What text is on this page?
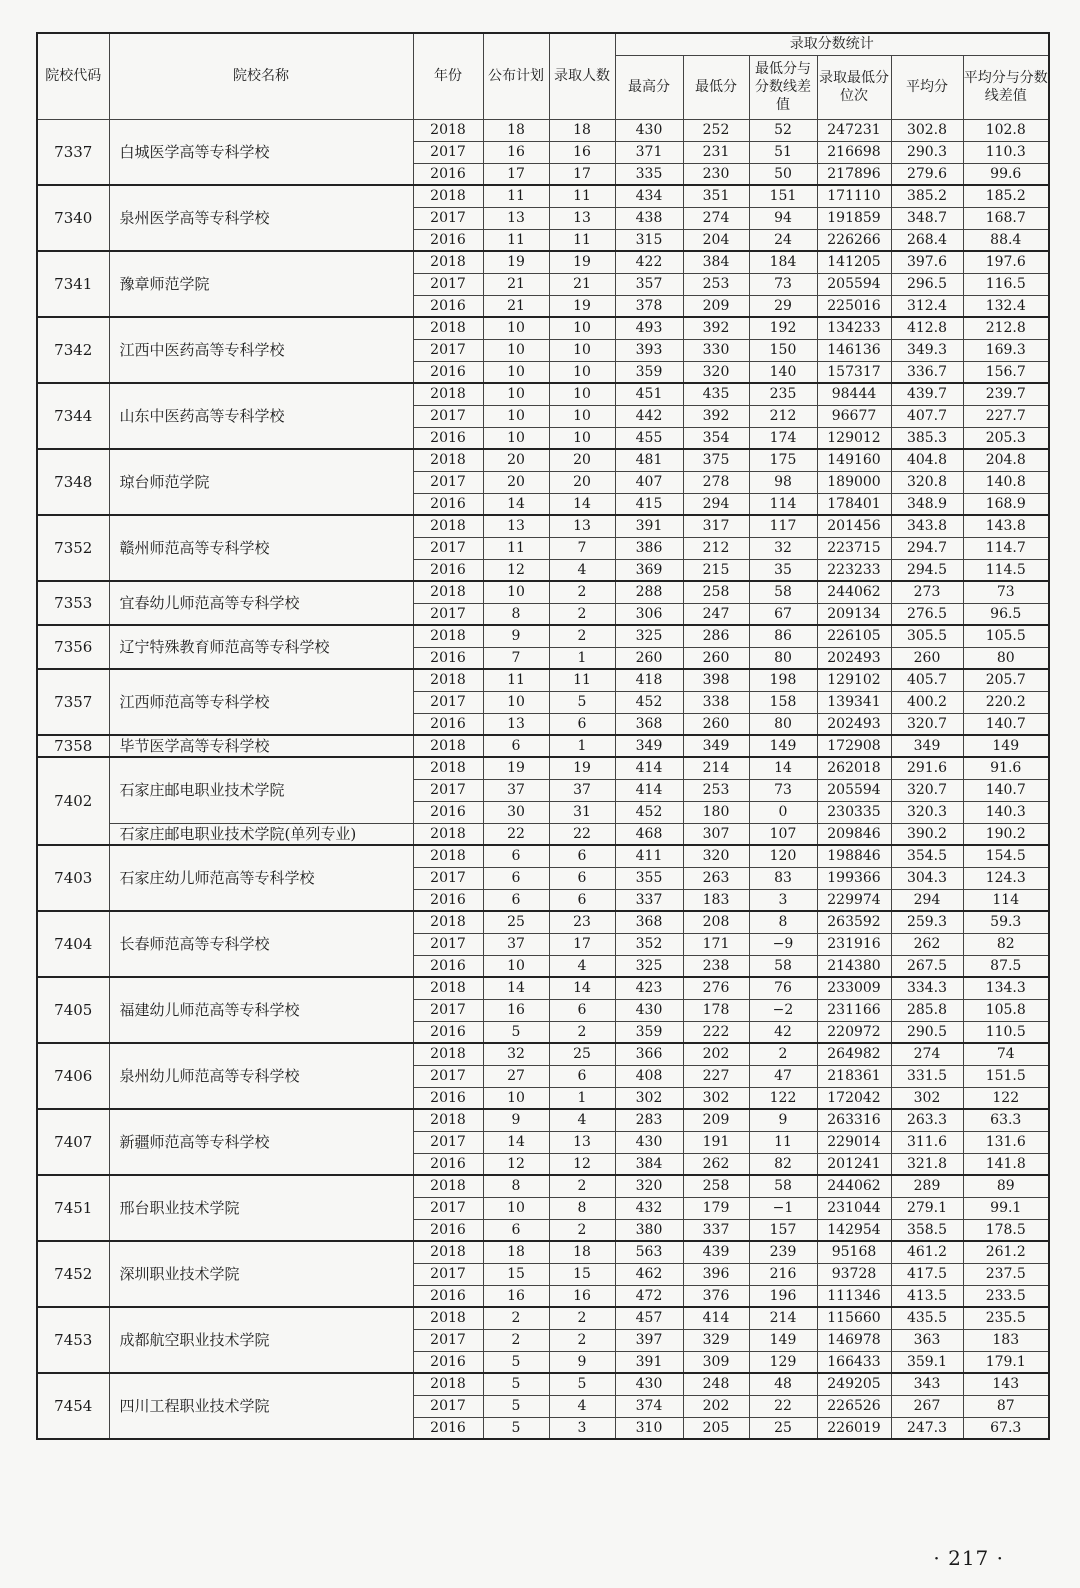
院校代码	院校名称	年份	公布计划	录取人数	录取分数统计					
					最高分	最低分	最低分与分数线差值	录取最低分位次	平均分	平均分与分数线差值
7337	白城医学高等专科学校	2018	18	18	430	252	52	247231	302.8	102.8
		2017	16	16	371	231	51	216698	290.3	110.3
		2016	17	17	335	230	50	217896	279.6	99.6
7340	泉州医学高等专科学校	2018	11	11	434	351	151	171110	385.2	185.2
		2017	13	13	438	274	94	191859	348.7	168.7
		2016	11	11	315	204	24	226266	268.4	88.4
7341	豫章师范学院	2018	19	19	422	384	184	141205	397.6	197.6
		2017	21	21	357	253	73	205594	296.5	116.5
		2016	21	19	378	209	29	225016	312.4	132.4
7342	江西中医药高等专科学校	2018	10	10	493	392	192	134233	412.8	212.8
		2017	10	10	393	330	150	146136	349.3	169.3
		2016	10	10	359	320	140	157317	336.7	156.7
7344	山东中医药高等专科学校	2018	10	10	451	435	235	98444	439.7	239.7
		2017	10	10	442	392	212	96677	407.7	227.7
		2016	10	10	455	354	174	129012	385.3	205.3
7348	琼台师范学院	2018	20	20	481	375	175	149160	404.8	204.8
		2017	20	20	407	278	98	189000	320.8	140.8
		2016	14	14	415	294	114	178401	348.9	168.9
7352	赣州师范高等专科学校	2018	13	13	391	317	117	201456	343.8	143.8
		2017	11	7	386	212	32	223715	294.7	114.7
		2016	12	4	369	215	35	223233	294.5	114.5
7353	宜春幼儿师范高等专科学校	2018	10	2	288	258	58	244062	273	73
		2017	8	2	306	247	67	209134	276.5	96.5
7356	辽宁特殊教育师范高等专科学校	2018	9	2	325	286	86	226105	305.5	105.5
		2016	7	1	260	260	80	202493	260	80
7357	江西师范高等专科学校	2018	11	11	418	398	198	129102	405.7	205.7
		2017	10	5	452	338	158	139341	400.2	220.2
		2016	13	6	368	260	80	202493	320.7	140.7
7358	毕节医学高等专科学校	2018	6	1	349	349	149	172908	349	149
7402	石家庄邮电职业技术学院	2018	19	19	414	214	14	262018	291.6	91.6
		2017	37	37	414	253	73	205594	320.7	140.7
		2016	30	31	452	180	0	230335	320.3	140.3
	石家庄邮电职业技术学院(单列专业)	2018	22	22	468	307	107	209846	390.2	190.2
7403	石家庄幼儿师范高等专科学校	2018	6	6	411	320	120	198846	354.5	154.5
		2017	6	6	355	263	83	199366	304.3	124.3
		2016	6	6	337	183	3	229974	294	114
7404	长春师范高等专科学校	2018	25	23	368	208	8	263592	259.3	59.3
		2017	37	17	352	171	−9	231916	262	82
		2016	10	4	325	238	58	214380	267.5	87.5
7405	福建幼儿师范高等专科学校	2018	14	14	423	276	76	233009	334.3	134.3
		2017	16	6	430	178	−2	231166	285.8	105.8
		2016	5	2	359	222	42	220972	290.5	110.5
7406	泉州幼儿师范高等专科学校	2018	32	25	366	202	2	264982	274	74
		2017	27	6	408	227	47	218361	331.5	151.5
		2016	10	1	302	302	122	172042	302	122
7407	新疆师范高等专科学校	2018	9	4	283	209	9	263316	263.3	63.3
		2017	14	13	430	191	11	229014	311.6	131.6
		2016	12	12	384	262	82	201241	321.8	141.8
7451	邢台职业技术学院	2018	8	2	320	258	58	244062	289	89
		2017	10	8	432	179	−1	231044	279.1	99.1
		2016	6	2	380	337	157	142954	358.5	178.5
7452	深圳职业技术学院	2018	18	18	563	439	239	95168	461.2	261.2
		2017	15	15	462	396	216	93728	417.5	237.5
		2016	16	16	472	376	196	111346	413.5	233.5
7453	成都航空职业技术学院	2018	2	2	457	414	214	115660	435.5	235.5
		2017	2	2	397	329	149	146978	363	183
		2016	5	9	391	309	129	166433	359.1	179.1
7454	四川工程职业技术学院	2018	5	5	430	248	48	249205	343	143
		2017	5	4	374	202	22	226526	267	87
		2016	5	3	310	205	25	226019	247.3	67.3
· 217 ·
